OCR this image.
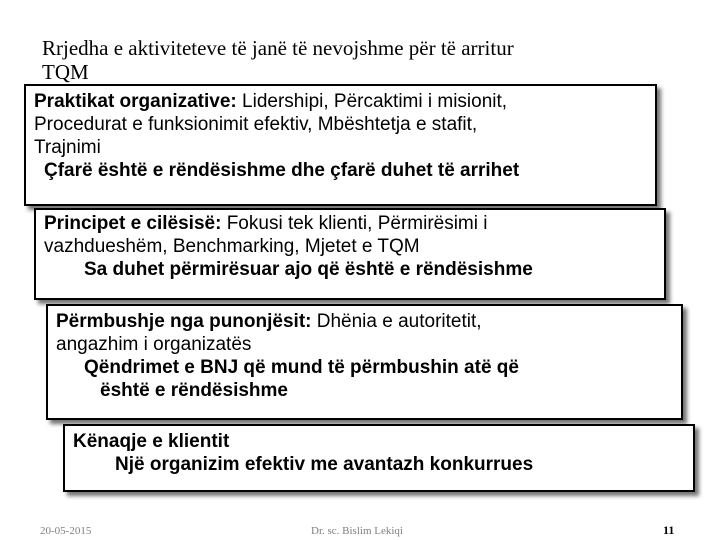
Rrjedha e aktiviteteve të janë të nevojshme për të arritur
TQM

Praktikat organizative: Lidershipi, Përcaktimi i misionit,

Procedurat e funksionimit efektiv, Mbështetja e stafit,

Trajnimi

Çfarë është e rëndësishme dhe çfarë duhet të arrihet

Principet e cilësisë: Fokusi tek klienti, Përmirësimi i

vazhdueshëm, Benchmarking, Mjetet e TQM

Sa duhet përmirësuar ajo që është e rëndësishme

Përmbushje nga punonjësit: Dhënia e autoritetit,

angazhim i organizatës

Qëndrimet e BNJ që mund të përmbushin atë që

është e rëndësishme

Kënaqje e klientit

Një organizim efektiv me avantazh konkurrues

20-05-2015	Dr. sc. Bislim Lekiqi	11
